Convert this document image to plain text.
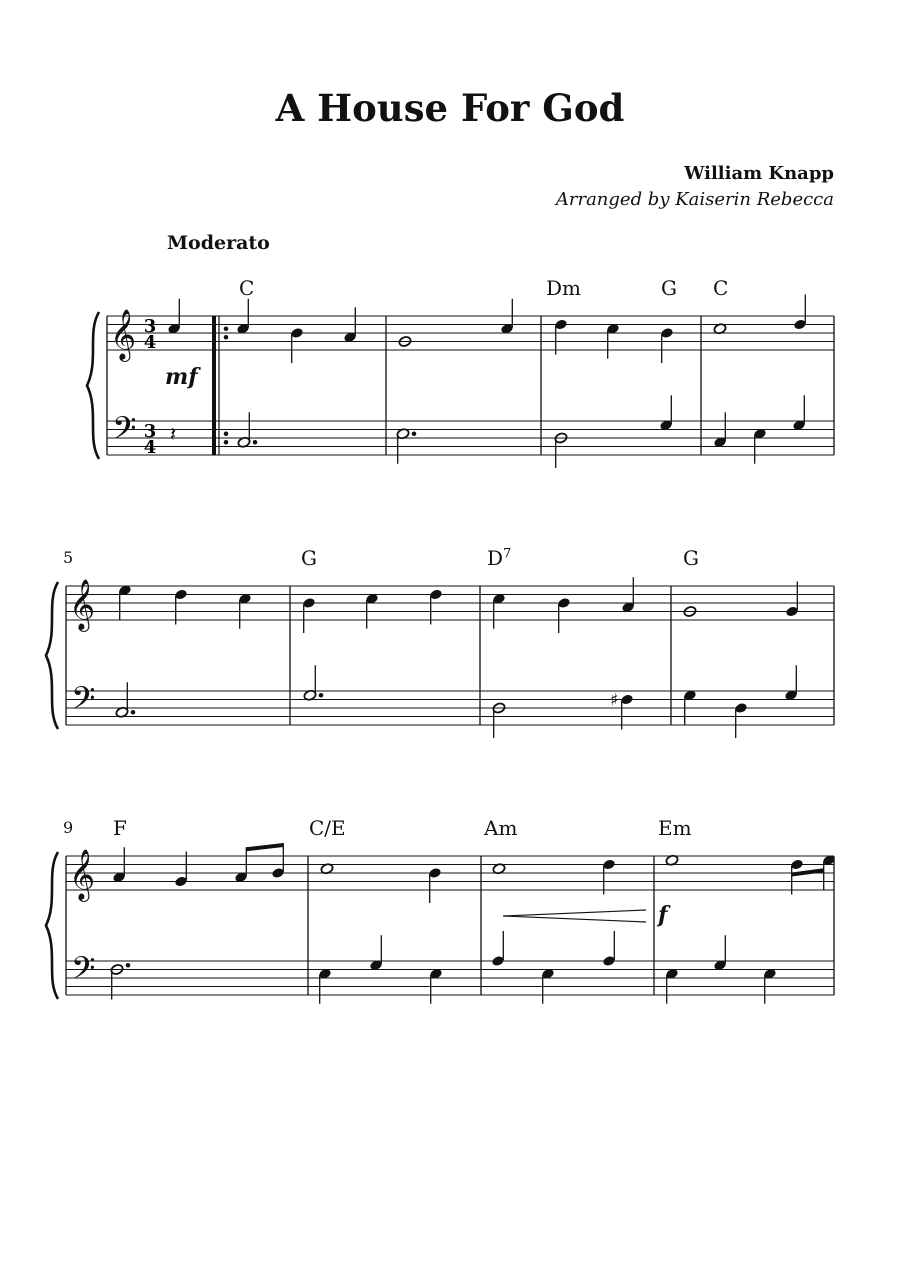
A House For God
William Knapp
Arranged by Kaiserin Rebecca
Moderato
5
9
C	Dm	G C
G	$D^7$	G
F	C/E	Am	Em
mf
f
𝄞
𝄢
𝄞
𝄢
𝄞
𝄢
𝄽
♯
3
4
3
4
